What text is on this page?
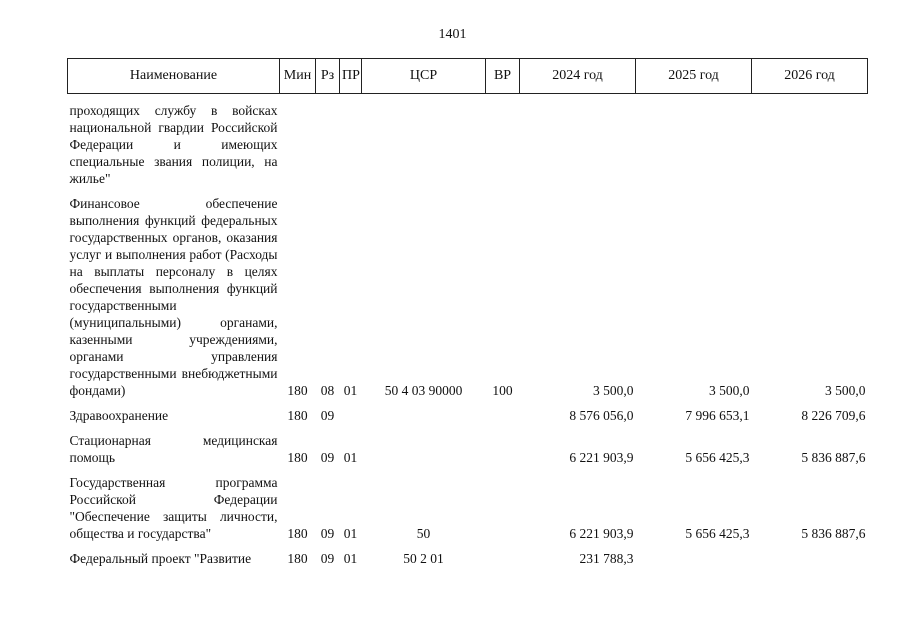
1401
Наименование	Мин	Рз	ПР	ЦСР	ВР	2024 год	2025 год	2026 год
проходящих службу в войсках национальной гвардии Российской Федерации и имеющих специальные звания полиции, на жилье"								
Финансовое обеспечение выполнения функций федеральных государственных органов, оказания услуг и выполнения работ (Расходы на выплаты персоналу в целях обеспечения выполнения функций государственными (муниципальными) органами, казенными учреждениями, органами управления государственными внебюджетными фондами)	180	08	01	50 4 03 90000	100	3 500,0	3 500,0	3 500,0
Здравоохранение	180	09				8 576 056,0	7 996 653,1	8 226 709,6
Стационарная медицинская помощь	180	09	01			6 221 903,9	5 656 425,3	5 836 887,6
Государственная программа Российской Федерации "Обеспечение защиты личности, общества и государства"	180	09	01	50		6 221 903,9	5 656 425,3	5 836 887,6
Федеральный проект "Развитие	180	09	01	50 2 01		231 788,3		
